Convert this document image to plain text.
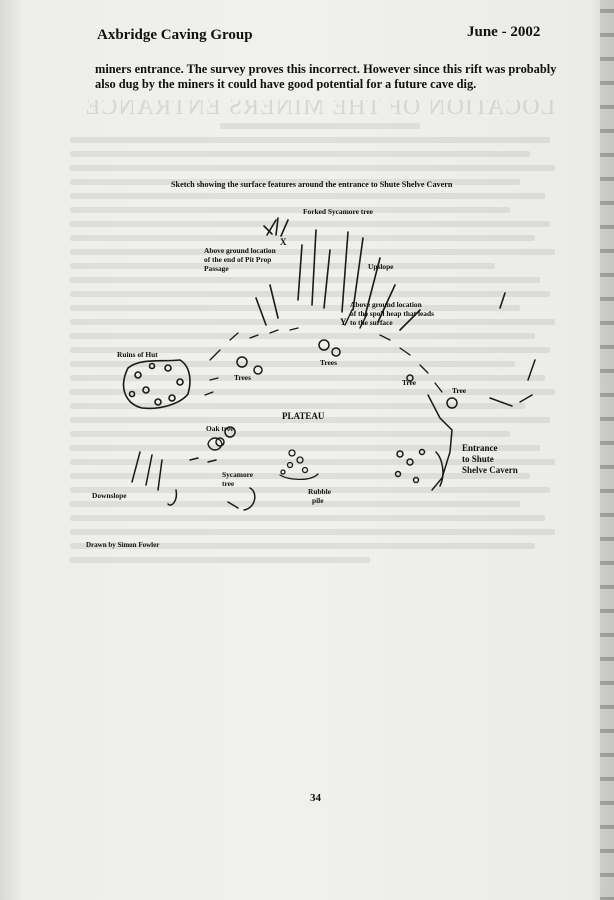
LOCATION OF THE MINERS ENTRANCE
Axbridge Caving Group	June - 2002
miners entrance. The survey proves this incorrect. However since this rift was probably also dug by the miners it could have good potential for a future cave dig.
Sketch showing the surface features around the entrance to Shute Shelve Cavern
Forked Sycamore tree
Above ground location
of the end of Pit Prop
Passage
X
Upslope
Above ground location
of the spoil heap that leads
to the surface
Y
Ruins of Hut
Trees
Trees
Tree
Tree
PLATEAU
Oak tree
Entrance
to Shute
Shelve Cavern
Sycamore
tree
Rubble
pile
Downslope
Drawn by Simon Fowler
34
